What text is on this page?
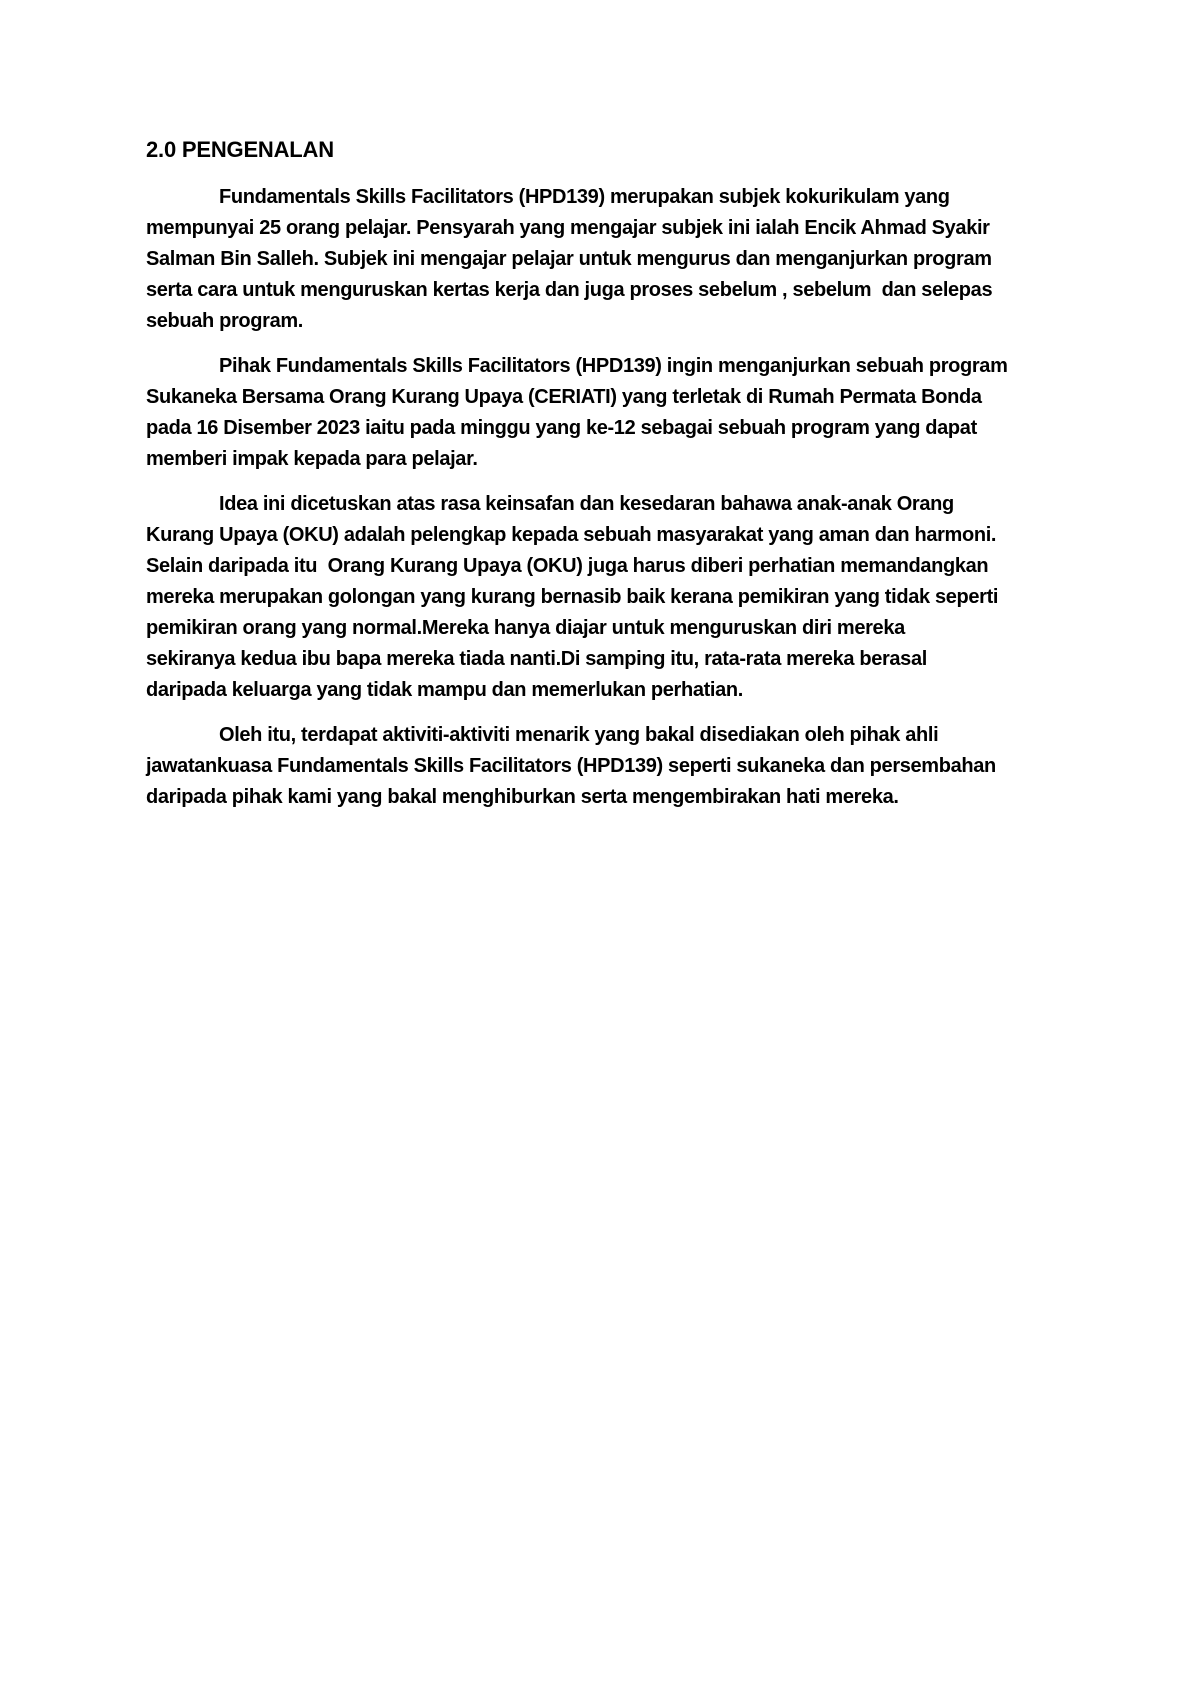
2.0 PENGENALAN
Fundamentals Skills Facilitators (HPD139) merupakan subjek kokurikulam yang
mempunyai 25 orang pelajar. Pensyarah yang mengajar subjek ini ialah Encik Ahmad Syakir
Salman Bin Salleh. Subjek ini mengajar pelajar untuk mengurus dan menganjurkan program
serta cara untuk menguruskan kertas kerja dan juga proses sebelum , sebelum  dan selepas
sebuah program.
Pihak Fundamentals Skills Facilitators (HPD139) ingin menganjurkan sebuah program
Sukaneka Bersama Orang Kurang Upaya (CERIATI) yang terletak di Rumah Permata Bonda
pada 16 Disember 2023 iaitu pada minggu yang ke-12 sebagai sebuah program yang dapat
memberi impak kepada para pelajar.
Idea ini dicetuskan atas rasa keinsafan dan kesedaran bahawa anak-anak Orang
Kurang Upaya (OKU) adalah pelengkap kepada sebuah masyarakat yang aman dan harmoni.
Selain daripada itu  Orang Kurang Upaya (OKU) juga harus diberi perhatian memandangkan
mereka merupakan golongan yang kurang bernasib baik kerana pemikiran yang tidak seperti
pemikiran orang yang normal.Mereka hanya diajar untuk menguruskan diri mereka
sekiranya kedua ibu bapa mereka tiada nanti.Di samping itu, rata-rata mereka berasal
daripada keluarga yang tidak mampu dan memerlukan perhatian.
Oleh itu, terdapat aktiviti-aktiviti menarik yang bakal disediakan oleh pihak ahli
jawatankuasa Fundamentals Skills Facilitators (HPD139) seperti sukaneka dan persembahan
daripada pihak kami yang bakal menghiburkan serta mengembirakan hati mereka.
